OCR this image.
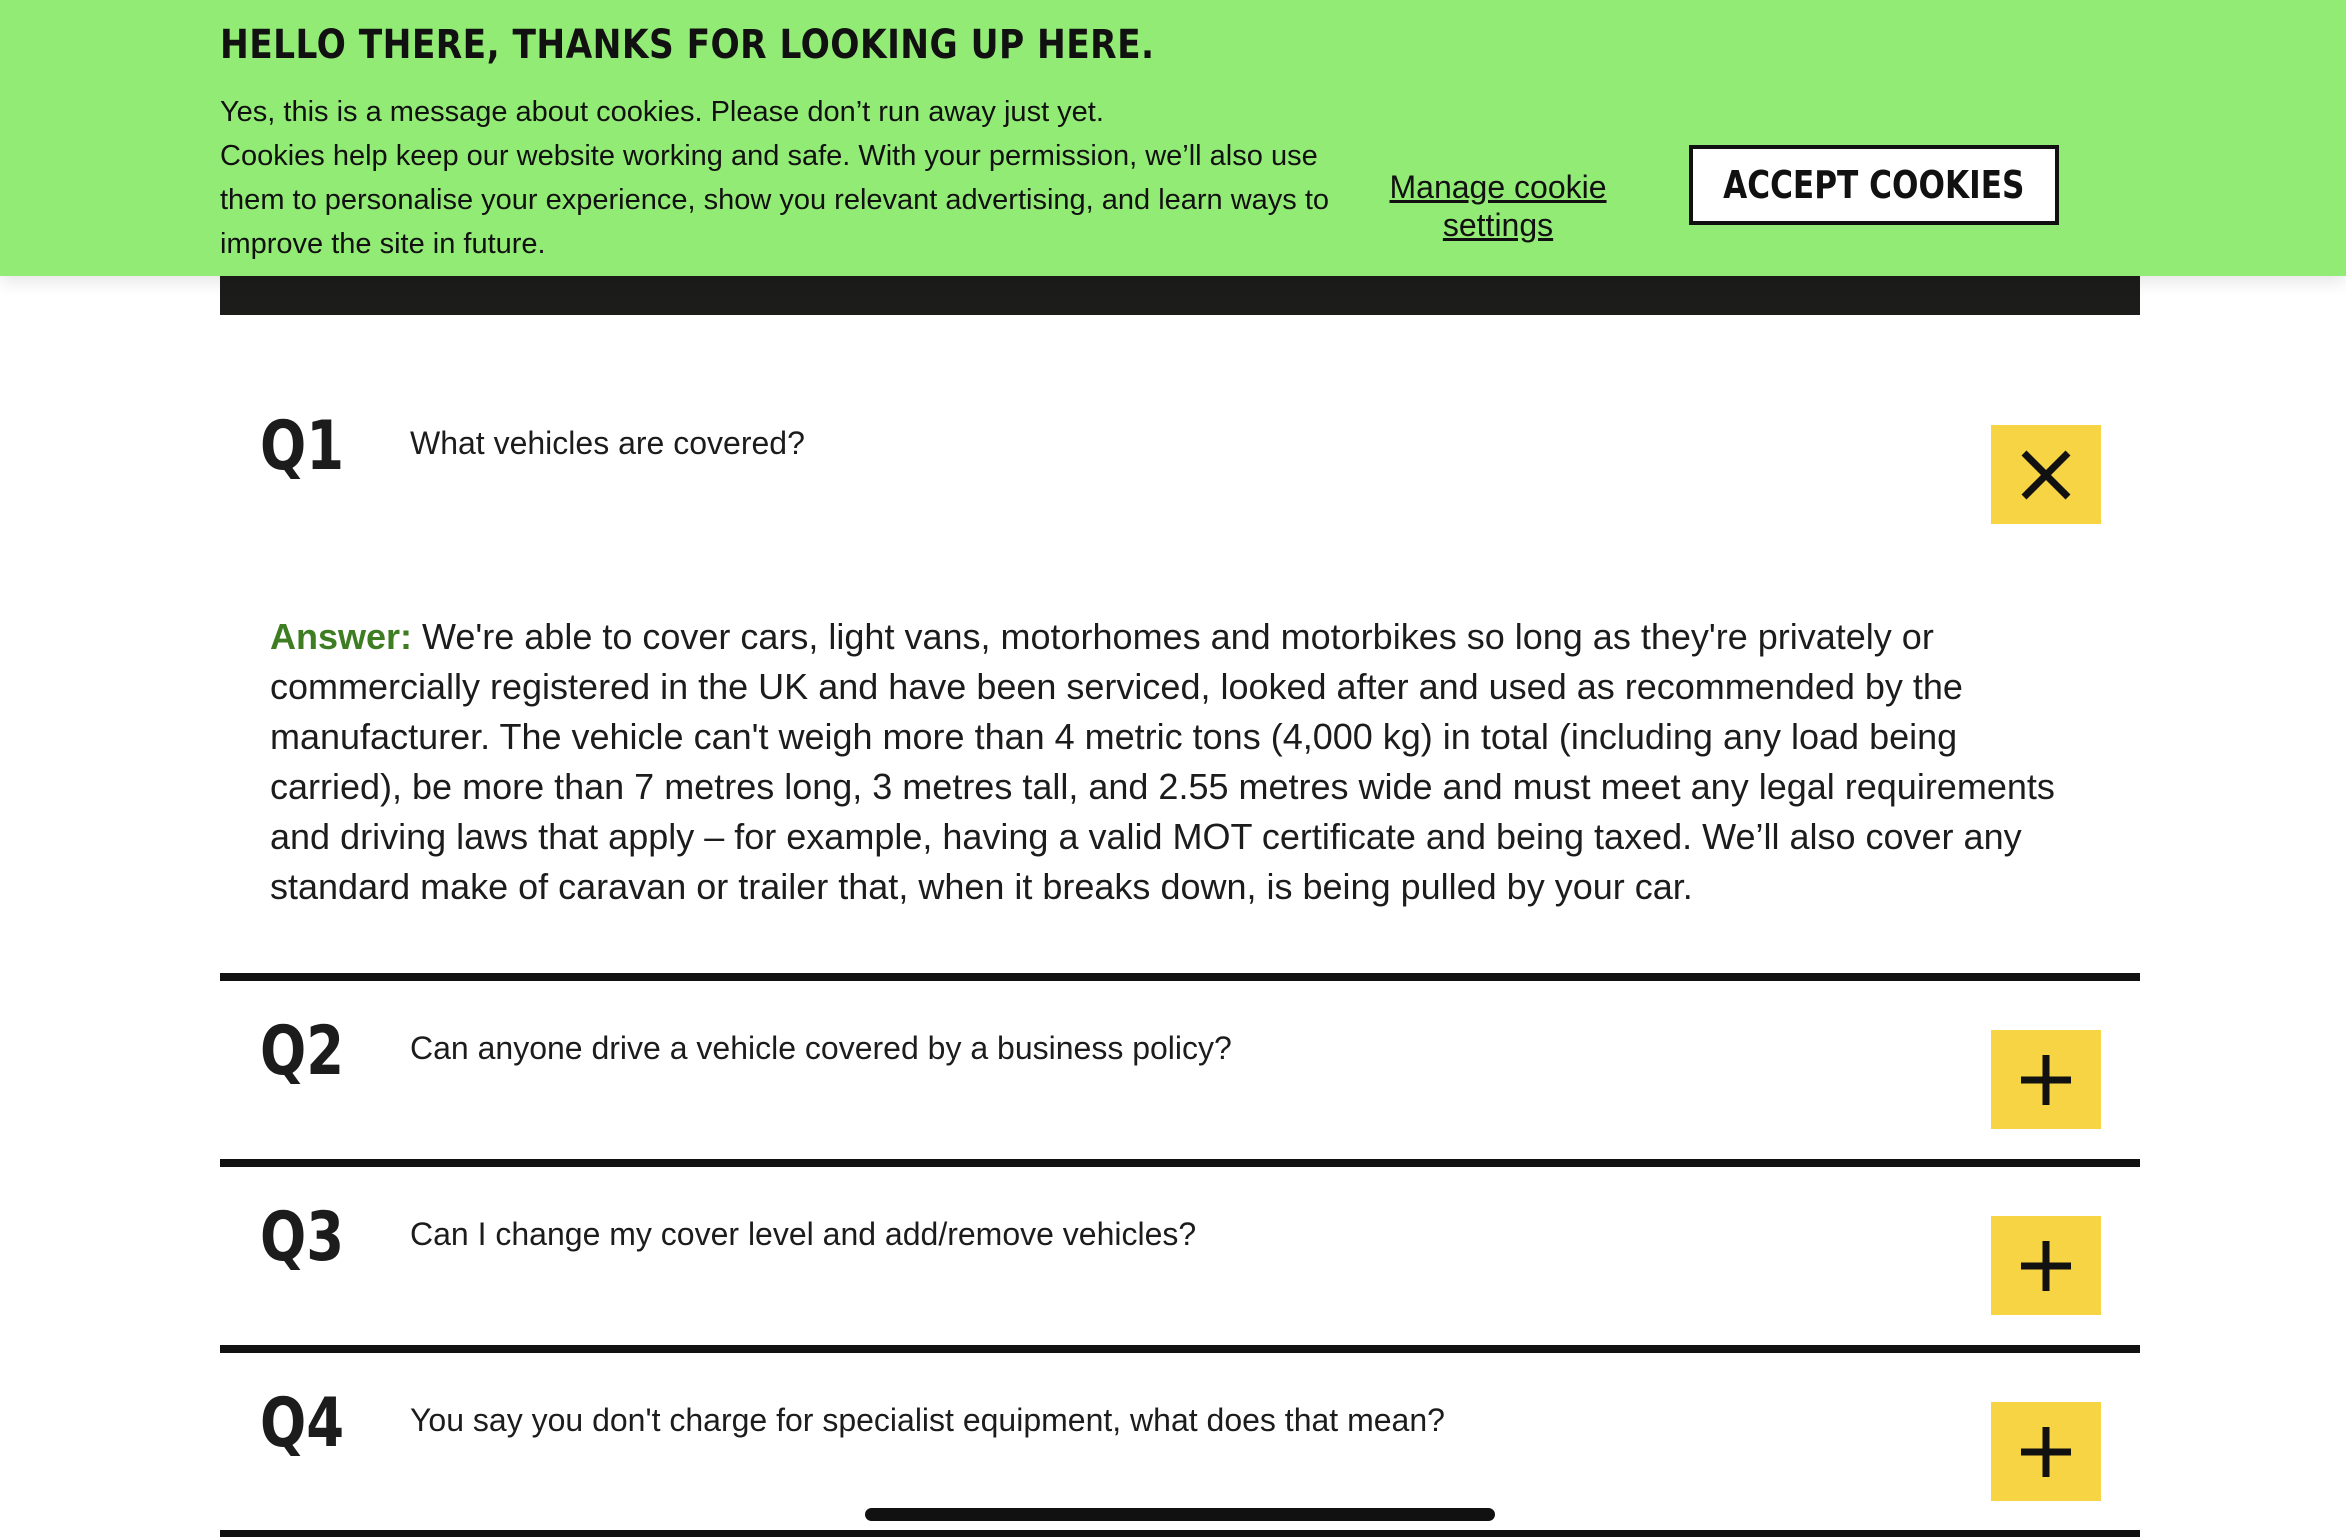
HELLO THERE, THANKS FOR LOOKING UP HERE.

Yes, this is a message about cookies. Please don’t run away just yet.

Cookies help keep our website working and safe. With your permission, we’ll also use them to personalise your experience, show you relevant advertising, and learn ways to improve the site in future.

Manage cookie settings
ACCEPT COOKIES
Q1 What vehicles are covered?
Answer: We're able to cover cars, light vans, motorhomes and motorbikes so long as they're privately or commercially registered in the UK and have been serviced, looked after and used as recommended by the manufacturer. The vehicle can't weigh more than 4 metric tons (4,000 kg) in total (including any load being carried), be more than 7 metres long, 3 metres tall, and 2.55 metres wide and must meet any legal requirements and driving laws that apply – for example, having a valid MOT certificate and being taxed. We’ll also cover any standard make of caravan or trailer that, when it breaks down, is being pulled by your car.
Q2 Can anyone drive a vehicle covered by a business policy?
Q3 Can I change my cover level and add/remove vehicles?
Q4 You say you don't charge for specialist equipment, what does that mean?
